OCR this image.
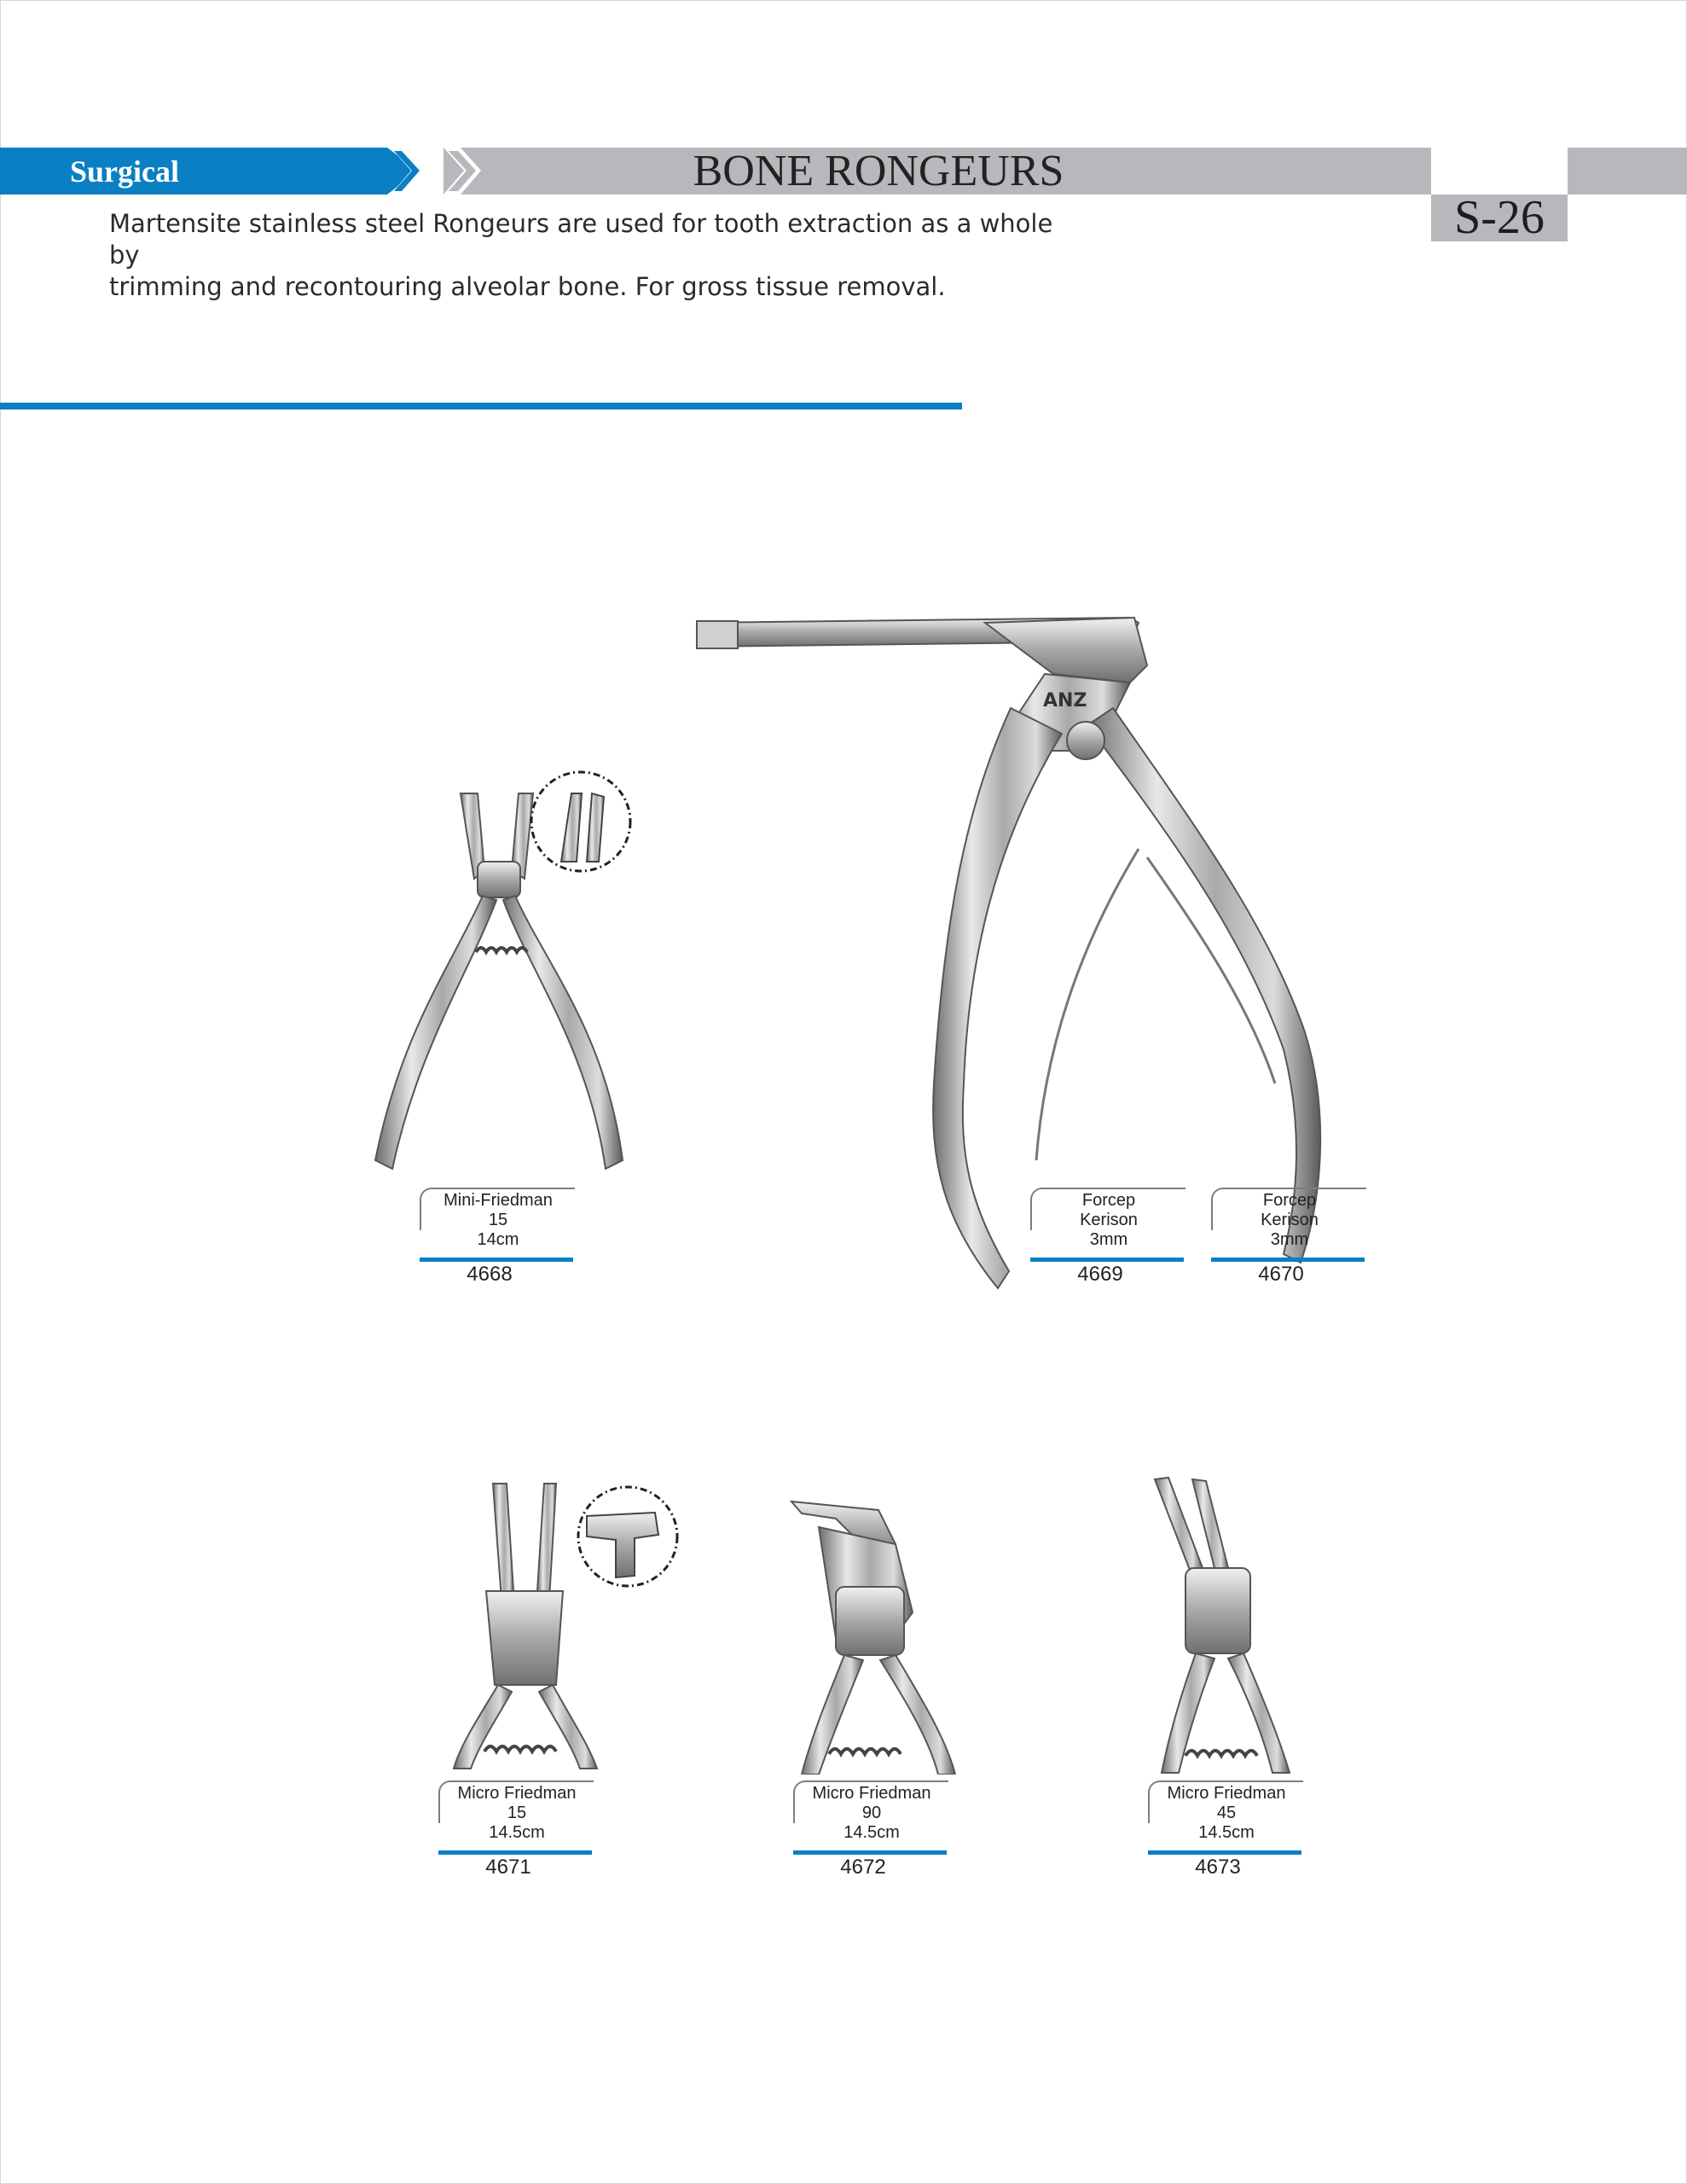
Surgical	BONE RONGEURS
S-26
Martensite stainless steel Rongeurs are used for tooth extraction as a whole by
trimming and recontouring alveolar bone. For gross tissue removal.
ANZ
Mini-Friedman
15
14cm
4668
Forcep
Kerison
3mm
4669
Forcep
Kerison
3mm
4670
Micro Friedman
15
14.5cm
4671
Micro Friedman
90
14.5cm
4672
Micro Friedman
45
14.5cm
4673
